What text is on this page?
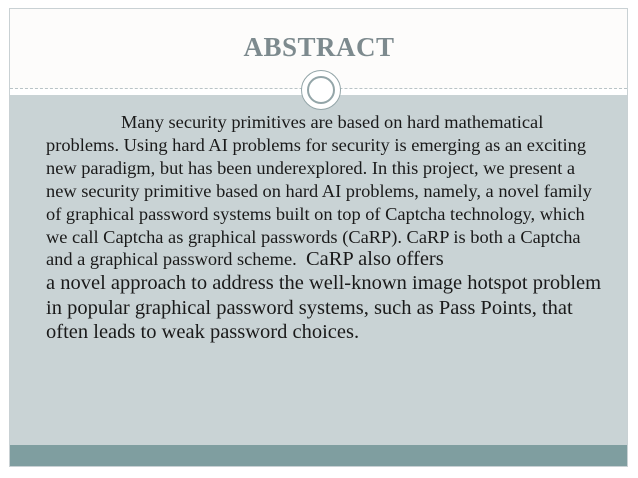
ABSTRACT
Many security primitives are based on hard mathematical problems. Using hard AI problems for security is emerging as an exciting new paradigm, but has been underexplored. In this project, we present a new security primitive based on hard AI problems, namely, a novel family of graphical password systems built on top of Captcha technology, which we call Captcha as graphical passwords (CaRP). CaRP is both a Captcha and a graphical password scheme. CaRP also offers
a novel approach to address the well-known image hotspot problem in popular graphical password systems, such as Pass Points, that often leads to weak password choices.
